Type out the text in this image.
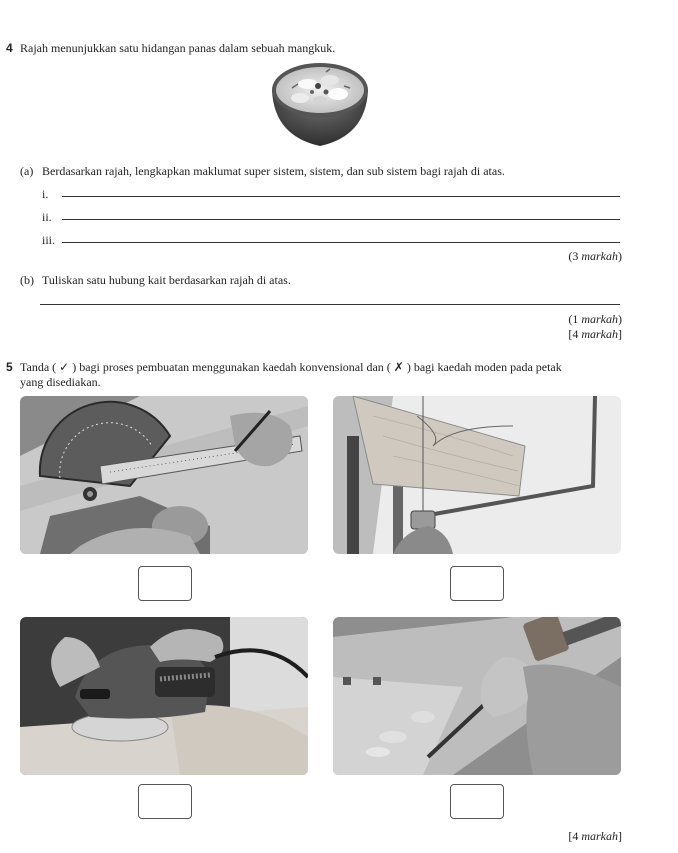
4 Rajah menunjukkan satu hidangan panas dalam sebuah mangkuk.
(a) Berdasarkan rajah, lengkapkan maklumat super sistem, sistem, dan sub sistem bagi rajah di atas.
i.
ii.
iii.
(3 markah)
(b) Tuliskan satu hubung kait berdasarkan rajah di atas.
(1 markah)
[4 markah]
5 Tanda ( ✓ ) bagi proses pembuatan menggunakan kaedah konvensional dan ( ✗ ) bagi kaedah moden pada petak
yang disediakan.
[4 markah]
